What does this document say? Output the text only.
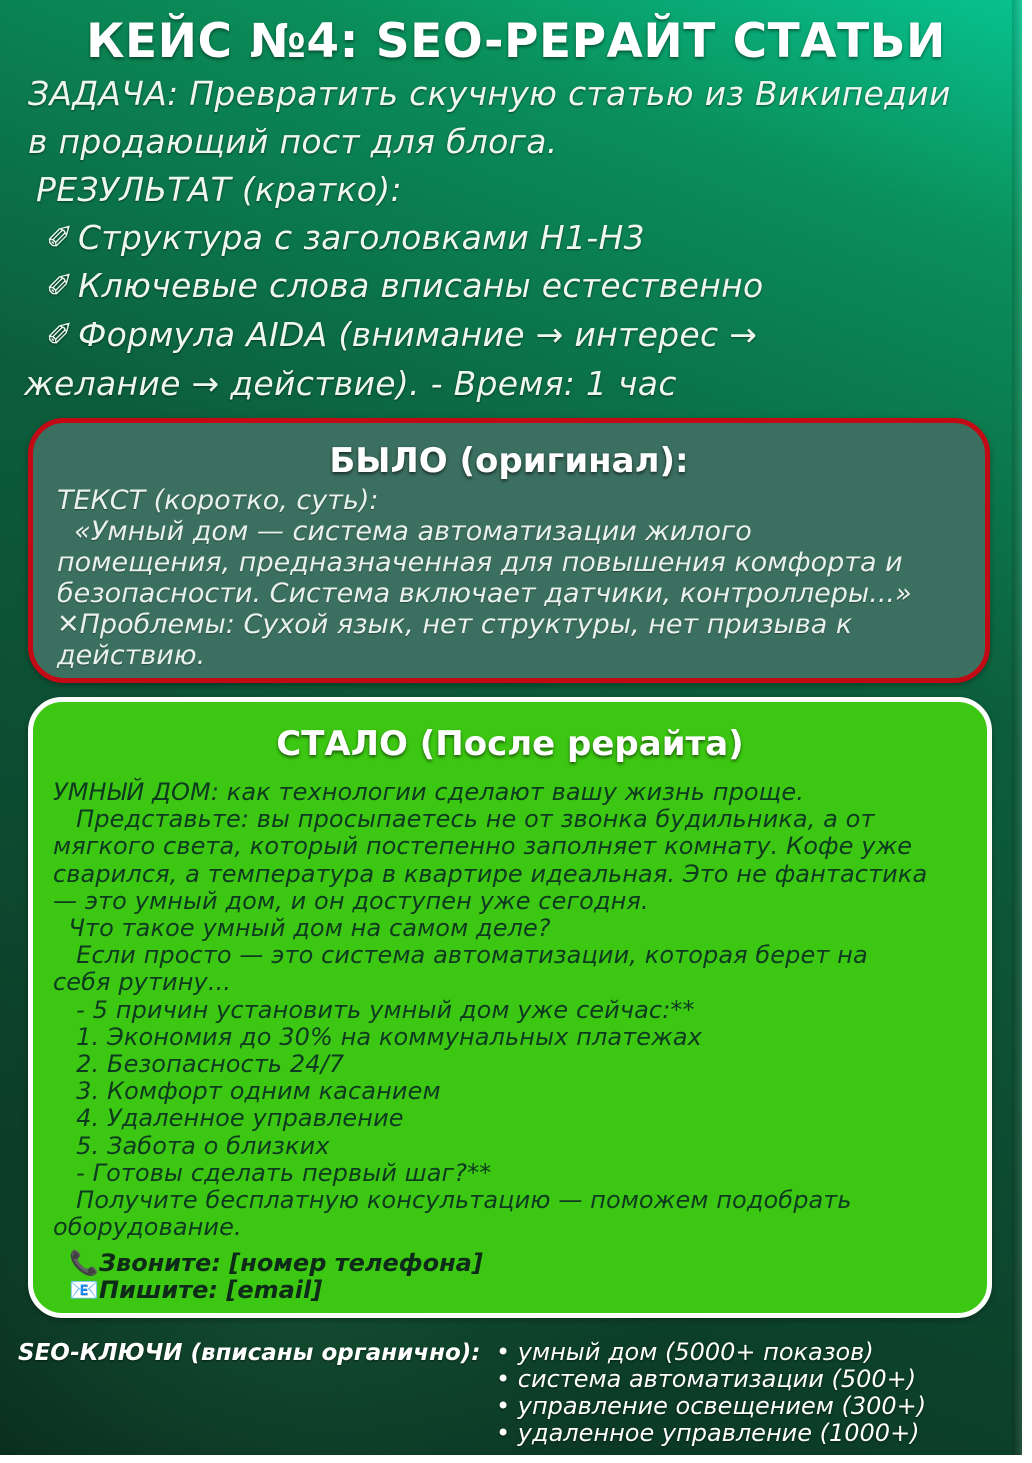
КЕЙС №4: SEO-РЕРАЙТ СТАТЬИ
ЗАДАЧА: Превратить скучную статью из Википедии
в продающий пост для блога.
РЕЗУЛЬТАТ (кратко):
✐ Структура с заголовками H1-H3
✐ Ключевые слова вписаны естественно
✐ Формула AIDA (внимание → интерес →
желание → действие). - Время: 1 час
БЫЛО (оригинал):
ТЕКСТ (коротко, суть):
«Умный дом — система автоматизации жилого
помещения, предназначенная для повышения комфорта и
безопасности. Система включает датчики, контроллеры...»
✕Проблемы: Сухой язык, нет структуры, нет призыва к
действию.
СТАЛО (После рерайта)
УМНЫЙ ДОМ: как технологии сделают вашу жизнь проще.
Представьте: вы просыпаетесь не от звонка будильника, а от
мягкого света, который постепенно заполняет комнату. Кофе уже
сварился, а температура в квартире идеальная. Это не фантастика
— это умный дом, и он доступен уже сегодня.
Что такое умный дом на самом деле?
Если просто — это система автоматизации, которая берет на
себя рутину...
- 5 причин установить умный дом уже сейчас:**
1. Экономия до 30% на коммунальных платежах
2. Безопасность 24/7
3. Комфорт одним касанием
4. Удаленное управление
5. Забота о близких
- Готовы сделать первый шаг?**
Получите бесплатную консультацию — поможем подобрать
оборудование.
📞Звоните: [номер телефона]
📧Пишите: [email]
SEO-КЛЮЧИ (вписаны органично): • умный дом (5000+ показов)
• система автоматизации (500+)
• управление освещением (300+)
• удаленное управление (1000+)
